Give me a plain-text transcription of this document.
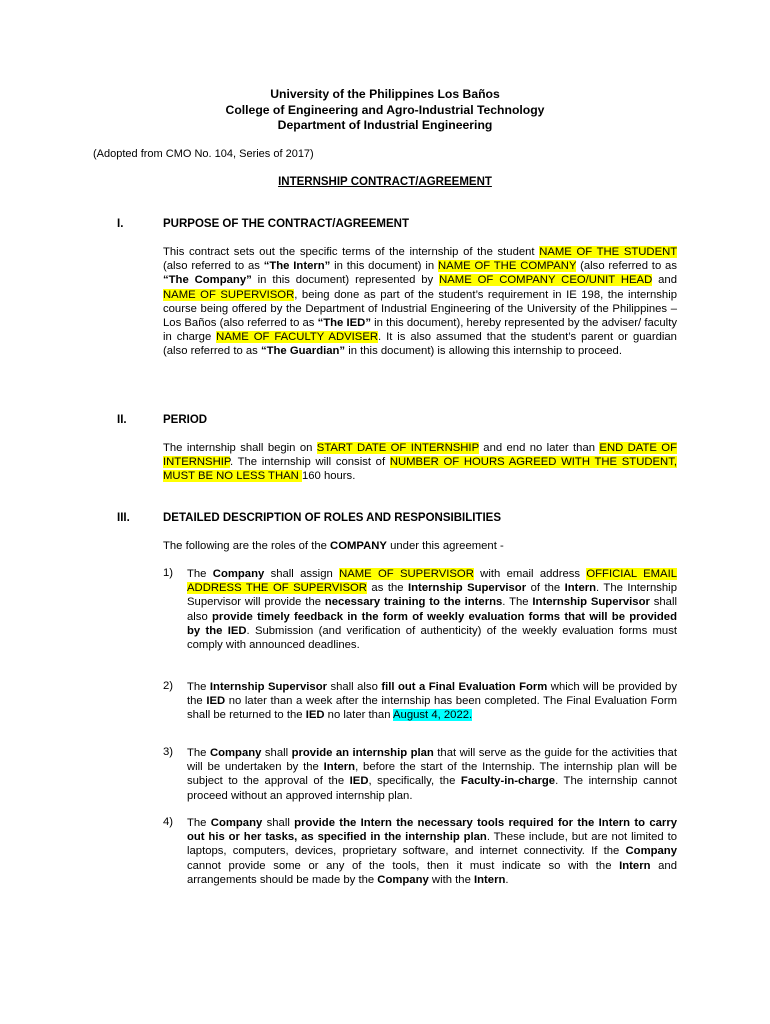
University of the Philippines Los Baños
College of Engineering and Agro-Industrial Technology
Department of Industrial Engineering
(Adopted from CMO No. 104, Series of 2017)
INTERNSHIP CONTRACT/AGREEMENT
I.	PURPOSE OF THE CONTRACT/AGREEMENT
This contract sets out the specific terms of the internship of the student NAME OF THE STUDENT (also referred to as “The Intern” in this document) in NAME OF THE COMPANY (also referred to as “The Company” in this document) represented by NAME OF COMPANY CEO/UNIT HEAD and NAME OF SUPERVISOR, being done as part of the student’s requirement in IE 198, the internship course being offered by the Department of Industrial Engineering of the University of the Philippines – Los Baños (also referred to as “The IED” in this document), hereby represented by the adviser/ faculty in charge NAME OF FACULTY ADVISER. It is also assumed that the student’s parent or guardian (also referred to as “The Guardian” in this document) is allowing this internship to proceed.
II.	PERIOD
The internship shall begin on START DATE OF INTERNSHIP and end no later than END DATE OF INTERNSHIP. The internship will consist of NUMBER OF HOURS AGREED WITH THE STUDENT, MUST BE NO LESS THAN 160 hours.
III.	DETAILED DESCRIPTION OF ROLES AND RESPONSIBILITIES
The following are the roles of the COMPANY under this agreement -
1) The Company shall assign NAME OF SUPERVISOR with email address OFFICIAL EMAIL ADDRESS THE OF SUPERVISOR as the Internship Supervisor of the Intern. The Internship Supervisor will provide the necessary training to the interns. The Internship Supervisor shall also provide timely feedback in the form of weekly evaluation forms that will be provided by the IED. Submission (and verification of authenticity) of the weekly evaluation forms must comply with announced deadlines.
2) The Internship Supervisor shall also fill out a Final Evaluation Form which will be provided by the IED no later than a week after the internship has been completed. The Final Evaluation Form shall be returned to the IED no later than August 4, 2022.
3) The Company shall provide an internship plan that will serve as the guide for the activities that will be undertaken by the Intern, before the start of the Internship. The internship plan will be subject to the approval of the IED, specifically, the Faculty-in-charge. The internship cannot proceed without an approved internship plan.
4) The Company shall provide the Intern the necessary tools required for the Intern to carry out his or her tasks, as specified in the internship plan. These include, but are not limited to laptops, computers, devices, proprietary software, and internet connectivity. If the Company cannot provide some or any of the tools, then it must indicate so with the Intern and arrangements should be made by the Company with the Intern.
